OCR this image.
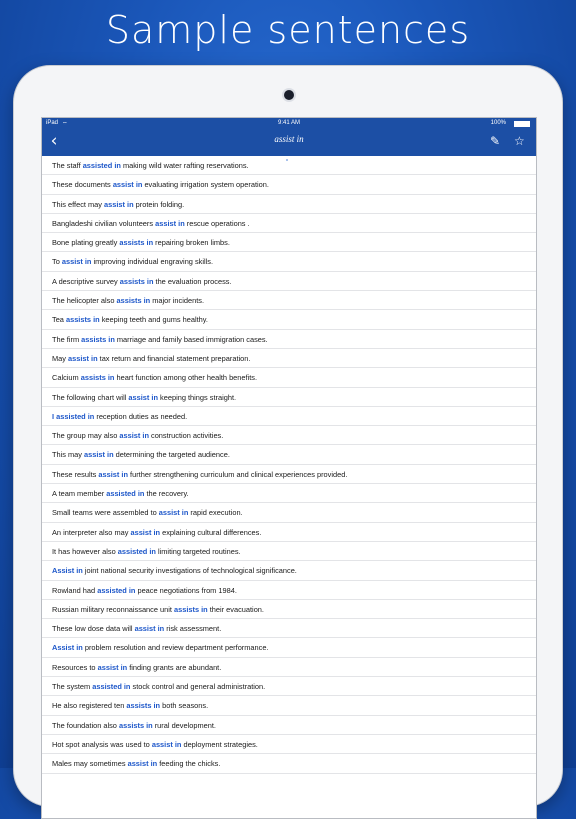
Sample sentences
iPad ⌔	9:41 AM	100%
‹	assist in	✎ ☆
The staff assisted in making wild water rafting reservations.
These documents assist in evaluating irrigation system operation.
This effect may assist in protein folding.
Bangladeshi civilian volunteers assist in rescue operations .
Bone plating greatly assists in repairing broken limbs.
To assist in improving individual engraving skills.
A descriptive survey assists in the evaluation process.
The helicopter also assists in major incidents.
Tea assists in keeping teeth and gums healthy.
The firm assists in marriage and family based immigration cases.
May assist in tax return and financial statement preparation.
Calcium assists in heart function among other health benefits.
The following chart will assist in keeping things straight.
I assisted in reception duties as needed.
The group may also assist in construction activities.
This may assist in determining the targeted audience.
These results assist in further strengthening curriculum and clinical experiences provided.
A team member assisted in the recovery.
Small teams were assembled to assist in rapid execution.
An interpreter also may assist in explaining cultural differences.
It has however also assisted in limiting targeted routines.
Assist in joint national security investigations of technological significance.
Rowland had assisted in peace negotiations from 1984.
Russian military reconnaissance unit assists in their evacuation.
These low dose data will assist in risk assessment.
Assist in problem resolution and review department performance.
Resources to assist in finding grants are abundant.
The system assisted in stock control and general administration.
He also registered ten assists in both seasons.
The foundation also assists in rural development.
Hot spot analysis was used to assist in deployment strategies.
Males may sometimes assist in feeding the chicks.
